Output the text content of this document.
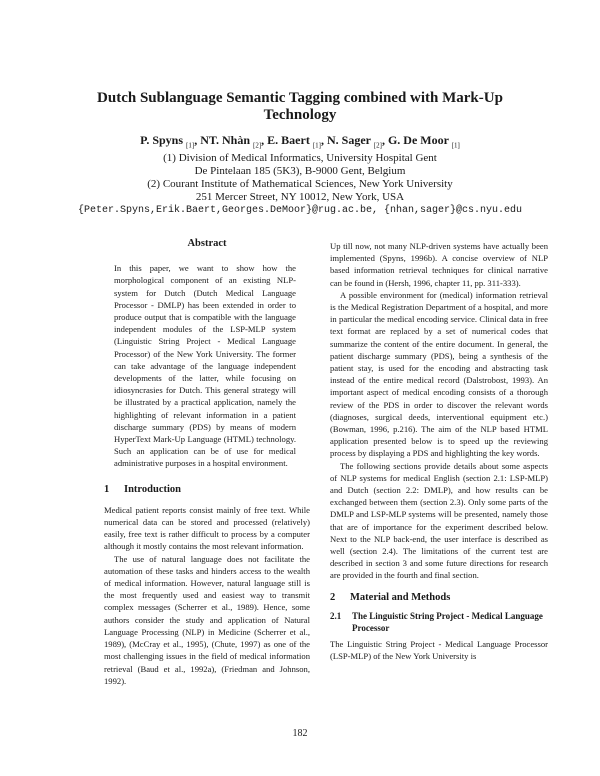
Dutch Sublanguage Semantic Tagging combined with Mark-Up Technology
P. Spyns $_{[1]}$, NT. Nhàn $_{[2]}$, E. Baert $_{[1]}$, N. Sager $_{[2]}$, G. De Moor $_{[1]}$
(1) Division of Medical Informatics, University Hospital Gent
De Pintelaan 185 (5K3), B-9000 Gent, Belgium
(2) Courant Institute of Mathematical Sciences, New York University
251 Mercer Street, NY 10012, New York, USA
{Peter.Spyns,Erik.Baert,Georges.DeMoor}@rug.ac.be, {nhan,sager}@cs.nyu.edu
Abstract

In this paper, we want to show how the morphological component of an existing NLP-system for Dutch (Dutch Medical Language Processor - DMLP) has been extended in order to produce output that is compatible with the language independent modules of the LSP-MLP system (Linguistic String Project - Medical Language Processor) of the New York University. The former can take advantage of the language independent developments of the latter, while focusing on idiosyncrasies for Dutch. This general strategy will be illustrated by a practical application, namely the highlighting of relevant information in a patient discharge summary (PDS) by means of modern HyperText Mark-Up Language (HTML) technology. Such an application can be of use for medical administrative purposes in a hospital environment.

1 Introduction

Medical patient reports consist mainly of free text. While numerical data can be stored and processed (relatively) easily, free text is rather difficult to process by a computer although it mostly contains the most relevant information.

The use of natural language does not facilitate the automation of these tasks and hinders access to the wealth of medical information. However, natural language still is the most frequently used and easiest way to transmit complex messages (Scherrer et al., 1989). Hence, some authors consider the study and application of Natural Language Processing (NLP) in Medicine (Scherrer et al., 1989), (McCray et al., 1995), (Chute, 1997) as one of the most challenging issues in the field of medical information retrieval (Baud et al., 1992a), (Friedman and Johnson, 1992).

Up till now, not many NLP-driven systems have actually been implemented (Spyns, 1996b). A concise overview of NLP based information retrieval techniques for clinical narrative can be found in (Hersh, 1996, chapter 11, pp. 311-333).

A possible environment for (medical) information retrieval is the Medical Registration Department of a hospital, and more in particular the medical encoding service. Clinical data in free text format are replaced by a set of numerical codes that summarize the content of the entire document. In general, the patient discharge summary (PDS), being a synthesis of the patient stay, is used for the encoding and abstracting task instead of the entire medical record (Dalstrobost, 1993). An important aspect of medical encoding consists of a thorough review of the PDS in order to discover the relevant words (diagnoses, surgical deeds, interventional equipment etc.) (Bowman, 1996, p.216). The aim of the NLP based HTML application presented below is to speed up the reviewing process by displaying a PDS and highlighting the key words.

The following sections provide details about some aspects of NLP systems for medical English (section 2.1: LSP-MLP) and Dutch (section 2.2: DMLP), and how results can be exchanged between them (section 2.3). Only some parts of the DMLP and LSP-MLP systems will be presented, namely those that are of importance for the experiment described below. Next to the NLP back-end, the user interface is described as well (section 2.4). The limitations of the current test are described in section 3 and some future directions for research are provided in the fourth and final section.

2 Material and Methods
2.1 The Linguistic String Project - Medical Language Processor

The Linguistic String Project - Medical Language Processor (LSP-MLP) of the New York University is

182
